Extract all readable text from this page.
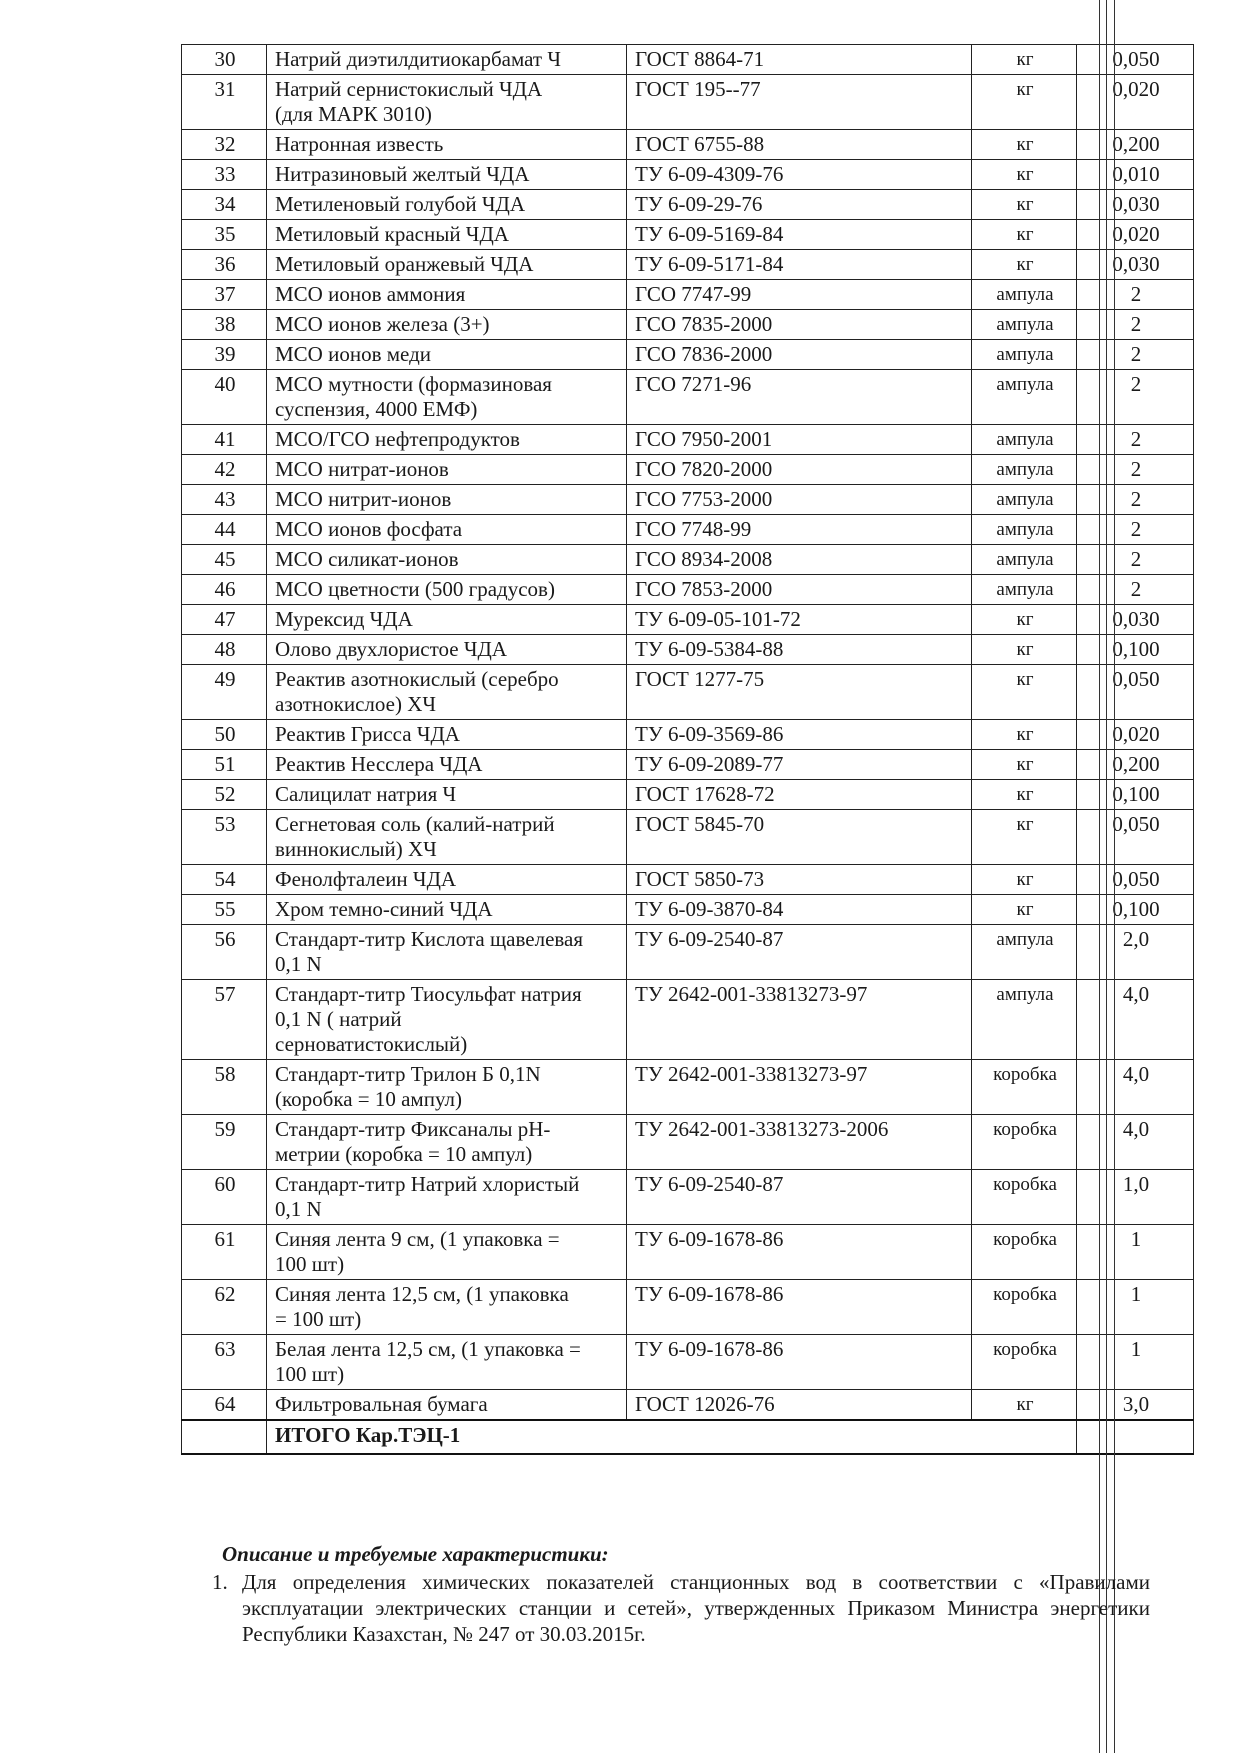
30	Натрий диэтилдитиокарбамат Ч	ГОСТ 8864-71	кг	0,050
31	Натрий сернистокислый ЧДА
(для МАРК 3010)	ГОСТ 195--77	кг	0,020
32	Натронная известь	ГОСТ 6755-88	кг	0,200
33	Нитразиновый желтый ЧДА	ТУ 6-09-4309-76	кг	0,010
34	Метиленовый голубой ЧДА	ТУ 6-09-29-76	кг	0,030
35	Метиловый красный ЧДА	ТУ 6-09-5169-84	кг	0,020
36	Метиловый оранжевый ЧДА	ТУ 6-09-5171-84	кг	0,030
37	МСО ионов аммония	ГСО 7747-99	ампула	2
38	МСО ионов железа (3+)	ГСО 7835-2000	ампула	2
39	МСО ионов меди	ГСО 7836-2000	ампула	2
40	МСО мутности (формазиновая
суспензия, 4000 ЕМФ)	ГСО 7271-96	ампула	2
41	МСО/ГСО нефтепродуктов	ГСО 7950-2001	ампула	2
42	МСО нитрат-ионов	ГСО 7820-2000	ампула	2
43	МСО нитрит-ионов	ГСО 7753-2000	ампула	2
44	МСО ионов фосфата	ГСО 7748-99	ампула	2
45	МСО силикат-ионов	ГСО 8934-2008	ампула	2
46	МСО цветности (500 градусов)	ГСО 7853-2000	ампула	2
47	Мурексид ЧДА	ТУ 6-09-05-101-72	кг	0,030
48	Олово двухлористое ЧДА	ТУ 6-09-5384-88	кг	0,100
49	Реактив азотнокислый (серебро
азотнокислое) ХЧ	ГОСТ 1277-75	кг	0,050
50	Реактив Грисса ЧДА	ТУ 6-09-3569-86	кг	0,020
51	Реактив Несслера ЧДА	ТУ 6-09-2089-77	кг	0,200
52	Салицилат натрия Ч	ГОСТ 17628-72	кг	0,100
53	Сегнетовая соль (калий-натрий
виннокислый) ХЧ	ГОСТ 5845-70	кг	0,050
54	Фенолфталеин ЧДА	ГОСТ 5850-73	кг	0,050
55	Хром темно-синий ЧДА	ТУ 6-09-3870-84	кг	0,100
56	Стандарт-титр Кислота щавелевая
0,1 N	ТУ 6-09-2540-87	ампула	2,0
57	Стандарт-титр Тиосульфат натрия
0,1 N ( натрий
серноватистокислый)	ТУ 2642-001-33813273-97	ампула	4,0
58	Стандарт-титр Трилон Б 0,1N
(коробка = 10 ампул)	ТУ 2642-001-33813273-97	коробка	4,0
59	Стандарт-титр Фиксаналы pH-
метрии (коробка = 10 ампул)	ТУ 2642-001-33813273-2006	коробка	4,0
60	Стандарт-титр Натрий хлористый
0,1 N	ТУ 6-09-2540-87	коробка	1,0
61	Синяя лента 9 см, (1 упаковка =
100 шт)	ТУ 6-09-1678-86	коробка	1
62	Синяя лента 12,5 см, (1 упаковка
= 100 шт)	ТУ 6-09-1678-86	коробка	1
63	Белая лента 12,5 см, (1 упаковка =
100 шт)	ТУ 6-09-1678-86	коробка	1
64	Фильтровальная бумага	ГОСТ 12026-76	кг	3,0
	ИТОГО Кар.ТЭЦ-1			
Описание и требуемые характеристики:
1. Для определения химических показателей станционных вод в соответствии с «Правилами эксплуатации электрических станции и сетей», утвержденных Приказом Министра энергетики Республики Казахстан, № 247 от 30.03.2015г.
